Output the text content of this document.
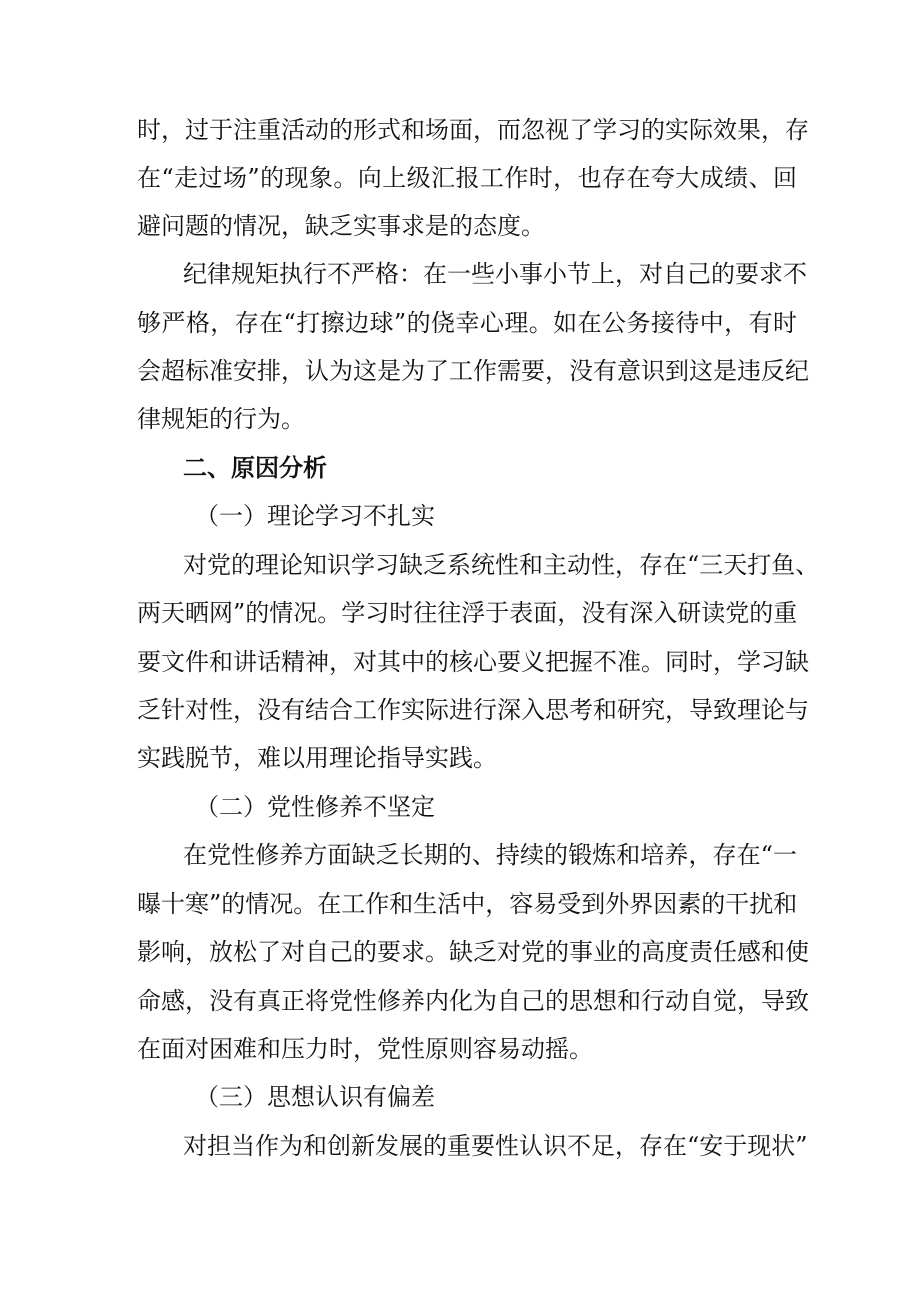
时，过于注重活动的形式和场面，而忽视了学习的实际效果，存
在“走过场”的现象。向上级汇报工作时，也存在夸大成绩、回
避问题的情况，缺乏实事求是的态度。
纪律规矩执行不严格：在一些小事小节上，对自己的要求不
够严格，存在“打擦边球”的侥幸心理。如在公务接待中，有时
会超标准安排，认为这是为了工作需要，没有意识到这是违反纪
律规矩的行为。
二、原因分析
（一）理论学习不扎实
对党的理论知识学习缺乏系统性和主动性，存在“三天打鱼、
两天晒网”的情况。学习时往往浮于表面，没有深入研读党的重
要文件和讲话精神，对其中的核心要义把握不准。同时，学习缺
乏针对性，没有结合工作实际进行深入思考和研究，导致理论与
实践脱节，难以用理论指导实践。
（二）党性修养不坚定
在党性修养方面缺乏长期的、持续的锻炼和培养，存在“一
曝十寒”的情况。在工作和生活中，容易受到外界因素的干扰和
影响，放松了对自己的要求。缺乏对党的事业的高度责任感和使
命感，没有真正将党性修养内化为自己的思想和行动自觉，导致
在面对困难和压力时，党性原则容易动摇。
（三）思想认识有偏差
对担当作为和创新发展的重要性认识不足，存在“安于现状”
